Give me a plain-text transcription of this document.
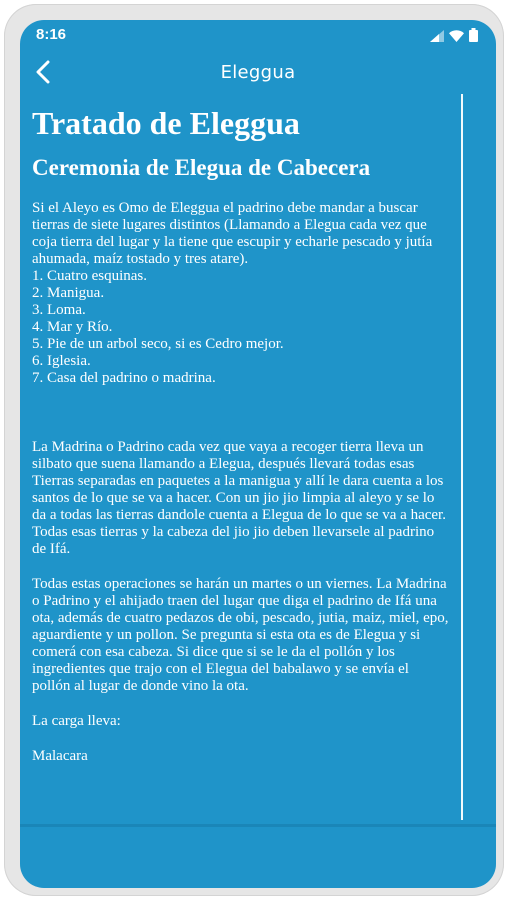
8:16
Eleggua
Tratado de Eleggua
Ceremonia de Elegua de Cabecera

Si el Aleyo es Omo de Eleggua el padrino debe mandar a buscar tierras de siete lugares distintos (Llamando a Elegua cada vez que coja tierra del lugar y la tiene que escupir y echarle pescado y jutía ahumada, maíz tostado y tres atare).

1. Cuatro esquinas.
2. Manigua.
3. Loma.
4. Mar y Río.
5. Pie de un arbol seco, si es Cedro mejor.
6. Iglesia.
7. Casa del padrino o madrina.

La Madrina o Padrino cada vez que vaya a recoger tierra lleva un silbato que suena llamando a Elegua, después llevará todas esas Tierras separadas en paquetes a la manigua y allí le dara cuenta a los santos de lo que se va a hacer. Con un jio jio limpia al aleyo y se lo da a todas las tierras dandole cuenta a Elegua de lo que se va a hacer. Todas esas tierras y la cabeza del jio jio deben llevarsele al padrino de Ifá.

Todas estas operaciones se harán un martes o un viernes. La Madrina o Padrino y el ahijado traen del lugar que diga el padrino de Ifá una ota, además de cuatro pedazos de obi, pescado, jutia, maiz, miel, epo, aguardiente y un pollon. Se pregunta si esta ota es de Elegua y si comerá con esa cabeza. Si dice que si se le da el pollón y los ingredientes que trajo con el Elegua del babalawo y se envía el pollón al lugar de donde vino la ota.

La carga lleva:

Malacara
